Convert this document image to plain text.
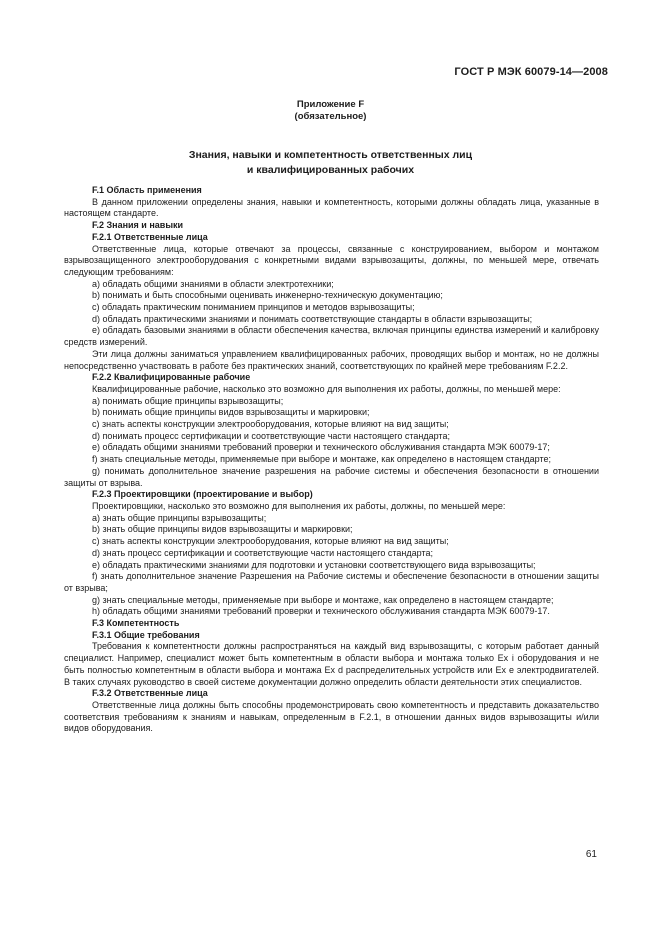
ГОСТ Р МЭК 60079-14—2008
Приложение F
(обязательное)
Знания, навыки и компетентность ответственных лиц
и квалифицированных рабочих

F.1 Область применения

В данном приложении определены знания, навыки и компетентность, которыми должны обладать лица, указанные в настоящем стандарте.

F.2 Знания и навыки

F.2.1 Ответственные лица

Ответственные лица, которые отвечают за процессы, связанные с конструированием, выбором и монтажом взрывозащищенного электрооборудования с конкретными видами взрывозащиты, должны, по меньшей мере, отвечать следующим требованиям:

а) обладать общими знаниями в области электротехники;

b) понимать и быть способными оценивать инженерно-техническую документацию;

c) обладать практическим пониманием принципов и методов взрывозащиты;

d) обладать практическими знаниями и понимать соответствующие стандарты в области взрывозащиты;

e) обладать базовыми знаниями в области обеспечения качества, включая принципы единства измерений и калибровку средств измерений.

Эти лица должны заниматься управлением квалифицированных рабочих, проводящих выбор и монтаж, но не должны непосредственно участвовать в работе без практических знаний, соответствующих по крайней мере требованиям F.2.2.

F.2.2 Квалифицированные рабочие

Квалифицированные рабочие, насколько это возможно для выполнения их работы, должны, по меньшей мере:

а) понимать общие принципы взрывозащиты;

b) понимать общие принципы видов взрывозащиты и маркировки;

c) знать аспекты конструкции электрооборудования, которые влияют на вид защиты;

d) понимать процесс сертификации и соответствующие части настоящего стандарта;

e) обладать общими знаниями требований проверки и технического обслуживания стандарта МЭК 60079-17;

f) знать специальные методы, применяемые при выборе и монтаже, как определено в настоящем стандарте;

g) понимать дополнительное значение разрешения на рабочие системы и обеспечения безопасности в отношении защиты от взрыва.

F.2.3 Проектировщики (проектирование и выбор)

Проектировщики, насколько это возможно для выполнения их работы, должны, по меньшей мере:

а) знать общие принципы взрывозащиты;

b) знать общие принципы видов взрывозащиты и маркировки;

c) знать аспекты конструкции электрооборудования, которые влияют на вид защиты;

d) знать процесс сертификации и соответствующие части настоящего стандарта;

e) обладать практическими знаниями для подготовки и установки соответствующего вида взрывозащиты;

f) знать дополнительное значение Разрешения на Рабочие системы и обеспечение безопасности в отношении защиты от взрыва;

g) знать специальные методы, применяемые при выборе и монтаже, как определено в настоящем стандарте;

h) обладать общими знаниями требований проверки и технического обслуживания стандарта МЭК 60079-17.

F.3 Компетентность

F.3.1 Общие требования

Требования к компетентности должны распространяться на каждый вид взрывозащиты, с которым работает данный специалист. Например, специалист может быть компетентным в области выбора и монтажа только Ex i оборудования и не быть полностью компетентным в области выбора и монтажа Ex d распределительных устройств или Ex e электродвигателей. В таких случаях руководство в своей системе документации должно определить области деятельности этих специалистов.

F.3.2 Ответственные лица

Ответственные лица должны быть способны продемонстрировать свою компетентность и представить доказательство соответствия требованиям к знаниям и навыкам, определенным в F.2.1, в отношении данных видов взрывозащиты и/или видов оборудования.

61
